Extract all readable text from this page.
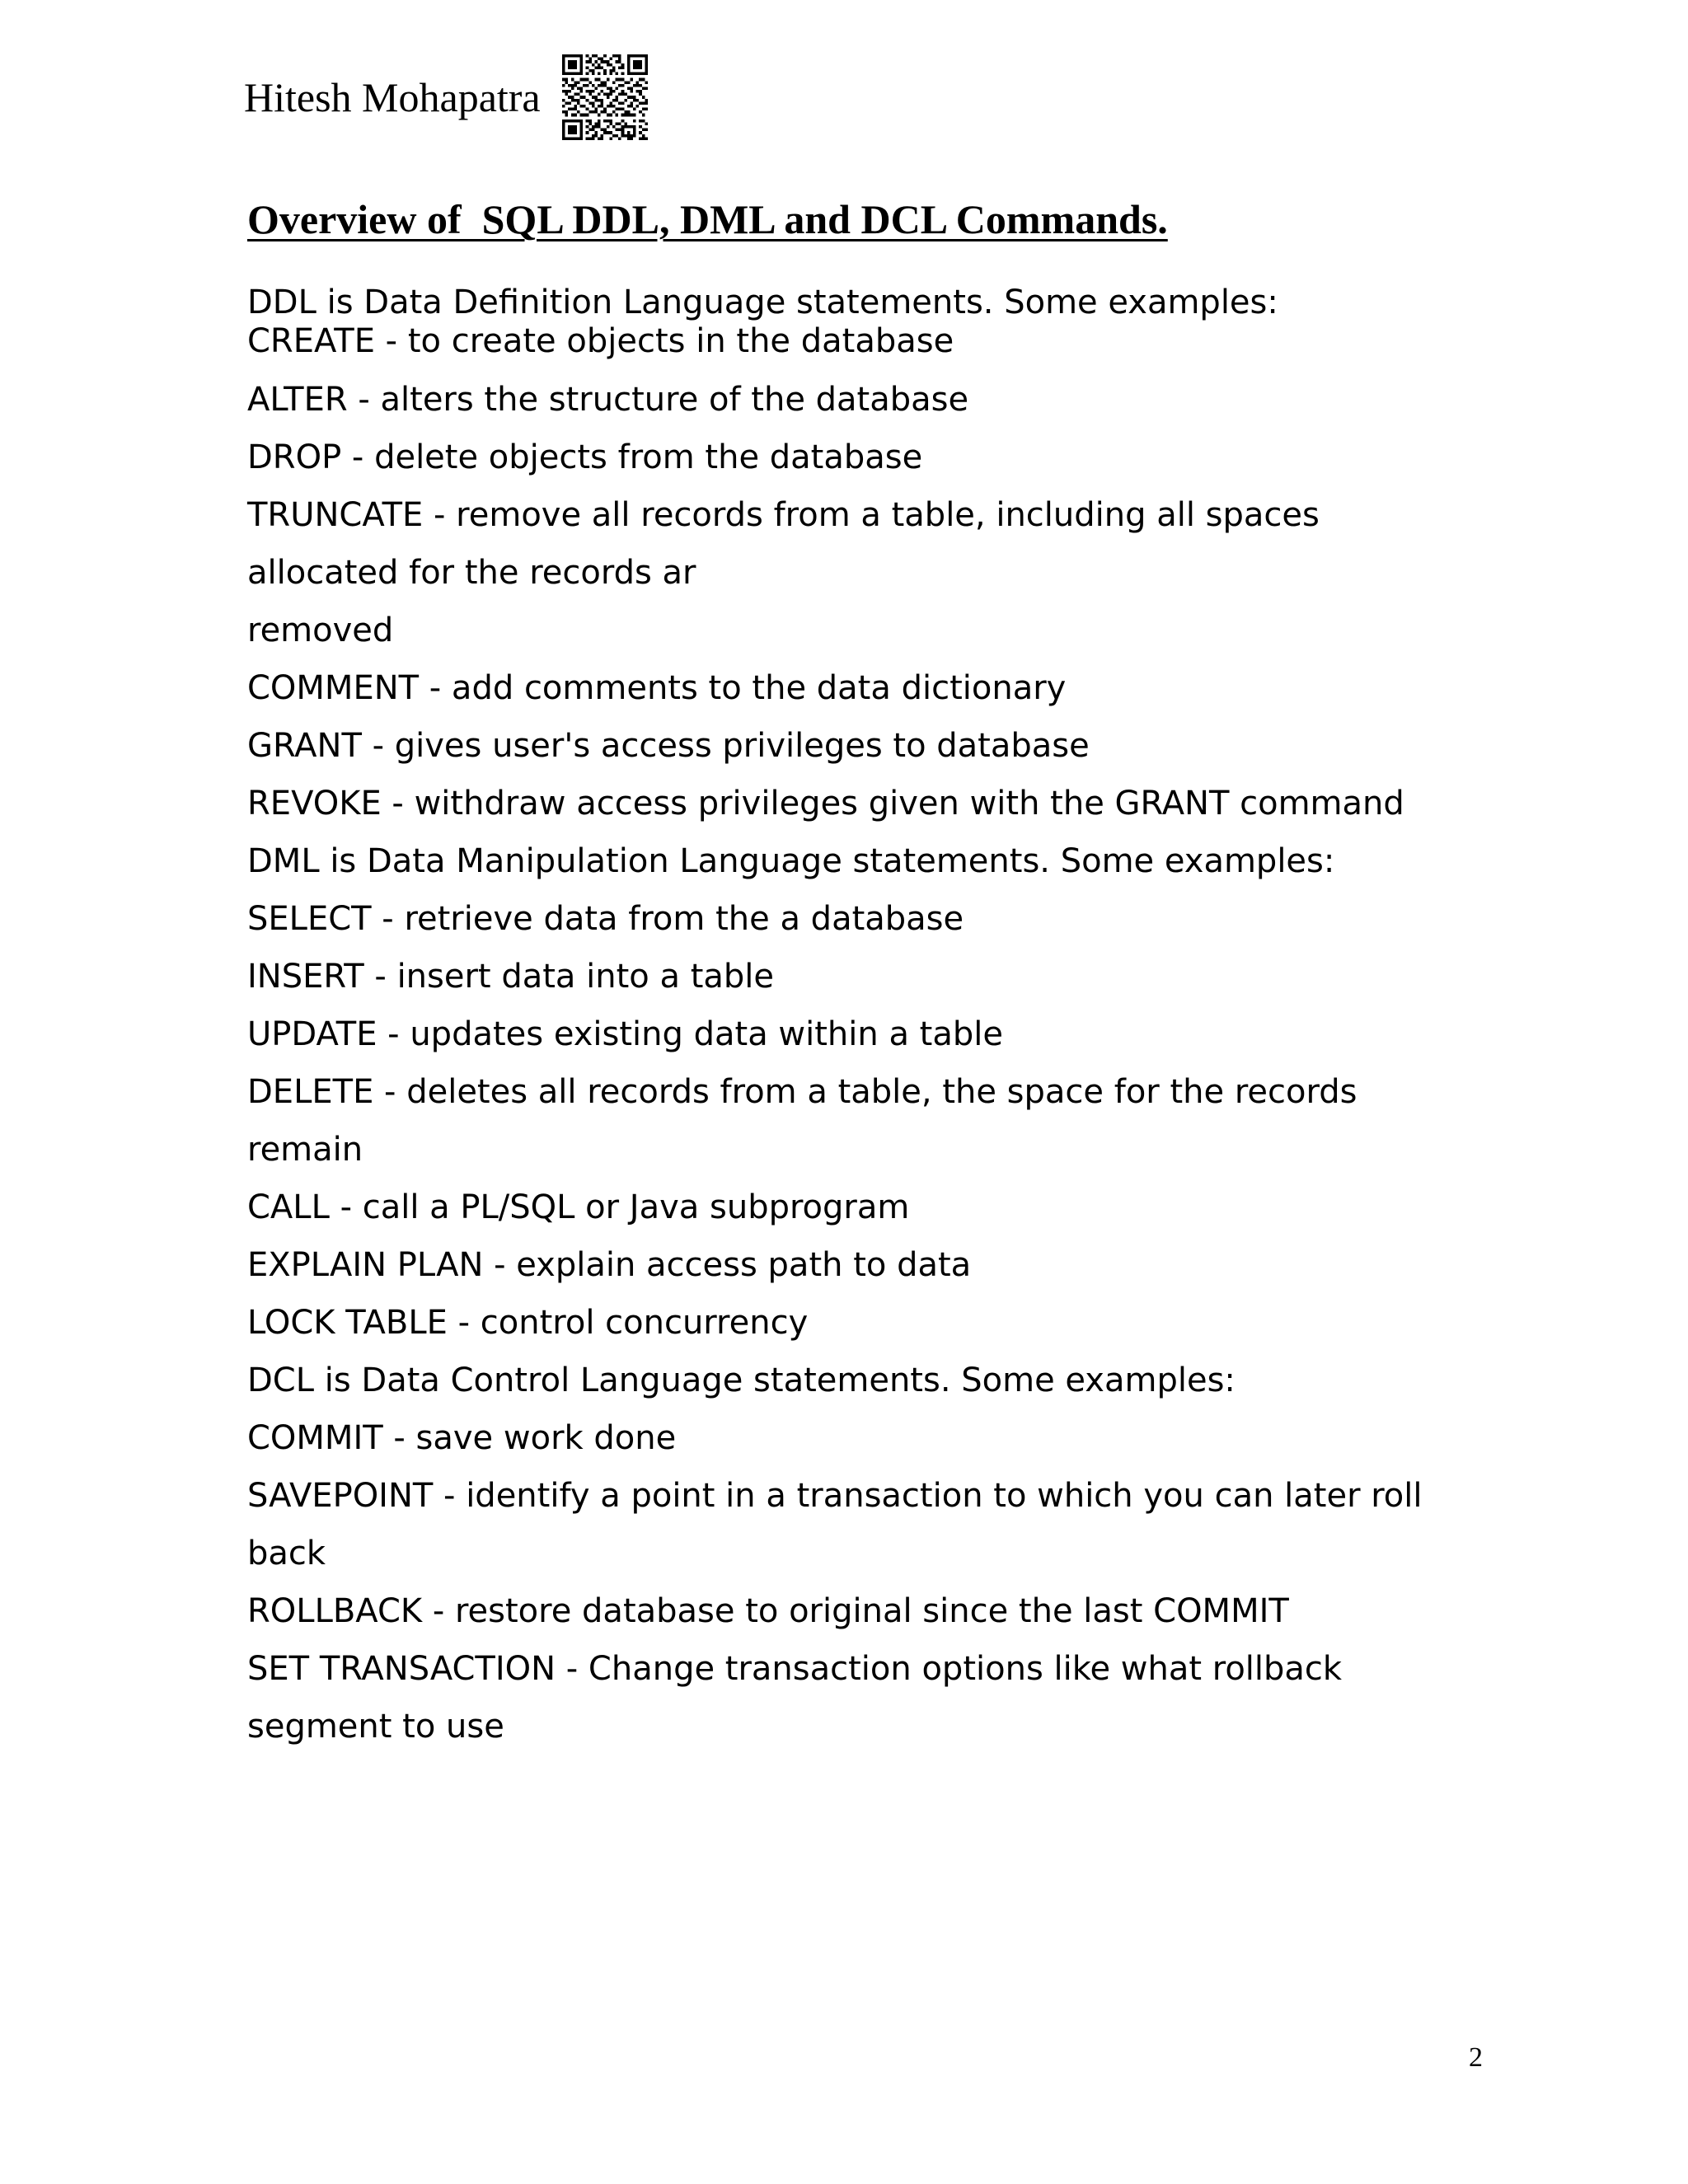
Hitesh Mohapatra
Overview of  SQL DDL, DML and DCL Commands.
DDL is Data Definition Language statements. Some examples:
CREATE - to create objects in the database
ALTER - alters the structure of the database
DROP - delete objects from the database
TRUNCATE - remove all records from a table, including all spaces
allocated for the records ar
removed
COMMENT - add comments to the data dictionary
GRANT - gives user's access privileges to database
REVOKE - withdraw access privileges given with the GRANT command
DML is Data Manipulation Language statements. Some examples:
SELECT - retrieve data from the a database
INSERT - insert data into a table
UPDATE - updates existing data within a table
DELETE - deletes all records from a table, the space for the records
remain
CALL - call a PL/SQL or Java subprogram
EXPLAIN PLAN - explain access path to data
LOCK TABLE - control concurrency
DCL is Data Control Language statements. Some examples:
COMMIT - save work done
SAVEPOINT - identify a point in a transaction to which you can later roll
back
ROLLBACK - restore database to original since the last COMMIT
SET TRANSACTION - Change transaction options like what rollback
segment to use
2
